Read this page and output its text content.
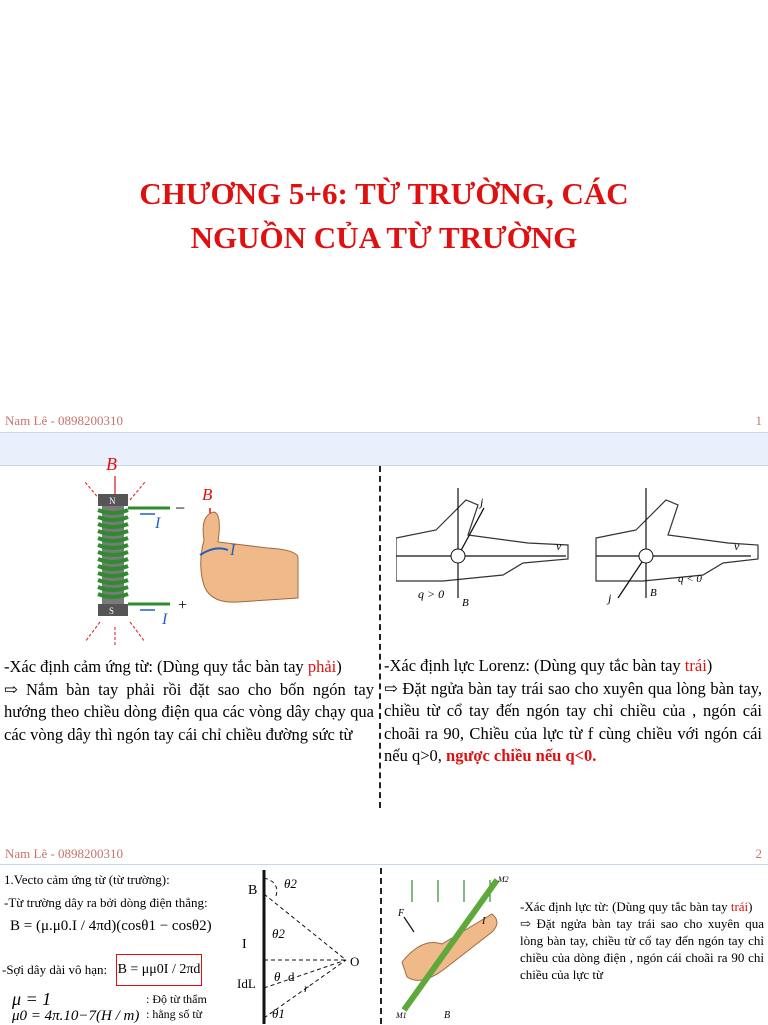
CHƯƠNG 5+6: TỪ TRƯỜNG, CÁC
NGUỒN CỦA TỪ TRƯỜNG
Nam Lê - 0898200310	1
B
N
S
I
−
I
+
B
I
j
v
q > 0
B	j
v
q < 0
B
-Xác định cảm ứng từ: (Dùng quy tắc bàn tay phải)
⇨ Nắm bàn tay phải rồi đặt sao cho bốn ngón tay hướng theo chiều dòng điện qua các vòng dây chạy qua các vòng dây thì ngón tay cái chỉ chiều đường sức từ
-Xác định lực Lorenz: (Dùng quy tắc bàn tay trái)
⇨ Đặt ngửa bàn tay trái sao cho xuyên qua lòng bàn tay, chiều từ cổ tay đến ngón tay chỉ chiều của , ngón cái choãi ra 90, Chiều của lực từ f cùng chiều với ngón cái nếu q>0, ngược chiều nếu q<0.
Nam Lê - 0898200310	2
1.Vecto cảm ứng từ (từ trường):
-Từ trường dây ra bởi dòng điện thẳng:
B = (μ.μ0.I / 4πd)(cosθ1 − cosθ2)
-Sợi dây dài vô hạn: B = μμ0I / 2πd
μ = 1	: Độ từ thẩm
μ0 = 4π.10−7(H / m) : hằng số từ
B θ2
I
θ2
IdL θ d
O
r
θ1
F
I
B
M1
M2
-Xác định lực từ: (Dùng quy tắc bàn tay trái)
⇨ Đặt ngửa bàn tay trái sao cho xuyên qua lòng bàn tay, chiều từ cổ tay đến ngón tay chỉ chiều của dòng điện , ngón cái choãi ra 90 chỉ chiều của lực từ
